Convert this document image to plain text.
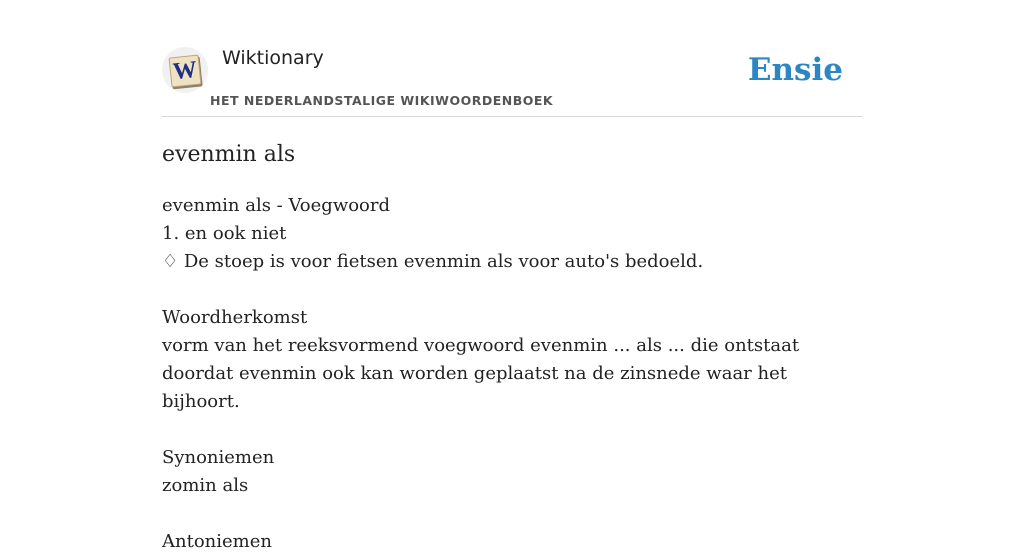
W Wiktionary
HET NEDERLANDSTALIGE WIKIWOORDENBOEK
Ensie
evenmin als
evenmin als - Voegwoord
1. en ook niet
♢ De stoep is voor fietsen evenmin als voor auto's bedoeld.
Woordherkomst
vorm van het reeksvormend voegwoord evenmin ... als ... die ontstaat doordat evenmin ook kan worden geplaatst na de zinsnede waar het bijhoort.
Synoniemen
zomin als
Antoniemen
